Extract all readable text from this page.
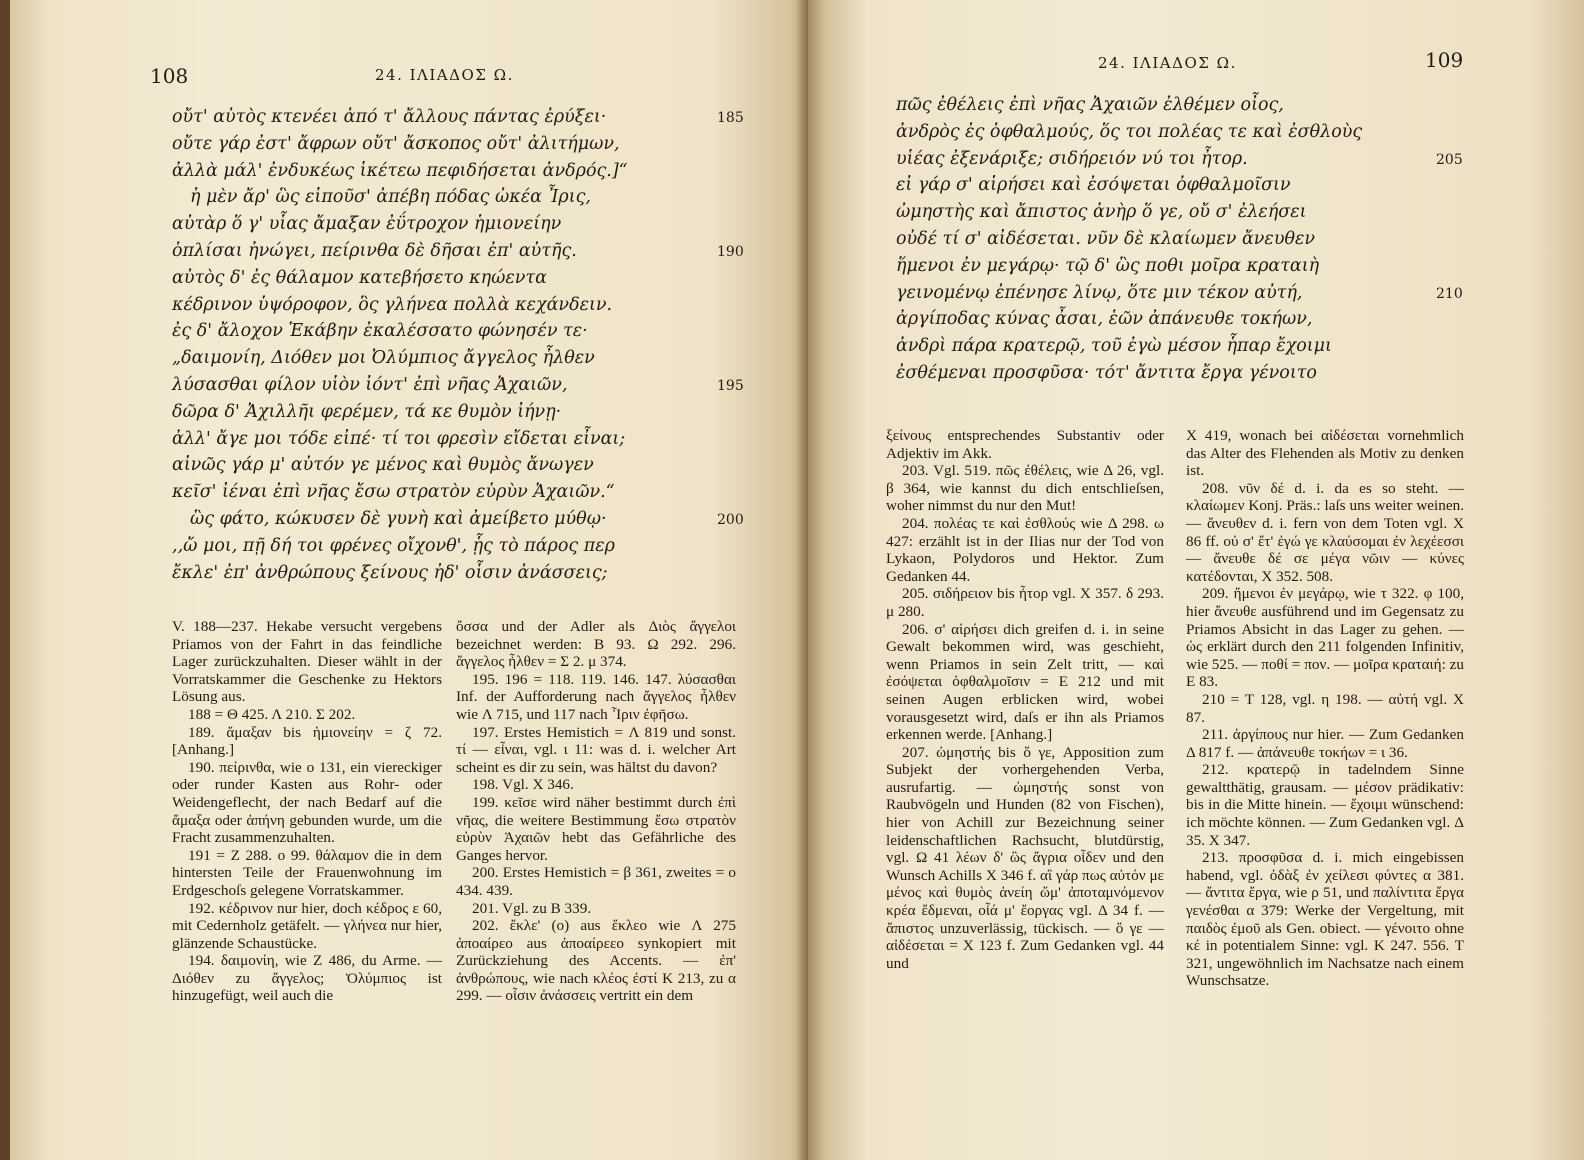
108	24. ΙΛΙΑΔΟΣ Ω.
οὔτ' αὐτὸς κτενέει ἀπό τ' ἄλλους πάντας ἐρύξει·	185
οὔτε γάρ ἐστ' ἄφρων οὔτ' ἄσκοπος οὔτ' ἀλιτήμων,
ἀλλὰ μάλ' ἐνδυκέως ἱκέτεω πεφιδήσεται ἀνδρός.]“
ἡ μὲν ἄρ' ὣς εἰποῦσ' ἀπέβη πόδας ὠκέα Ἶρις,
αὐτὰρ ὅ γ' υἷας ἄμαξαν ἐΰτροχον ἡμιονείην
ὁπλίσαι ἠνώγει, πείρινθα δὲ δῆσαι ἐπ' αὐτῆς.	190
αὐτὸς δ' ἐς θάλαμον κατεβήσετο κηώεντα
κέδρινον ὑψόροφον, ὃς γλήνεα πολλὰ κεχάνδειν.
ἐς δ' ἄλοχον Ἑκάβην ἐκαλέσσατο φώνησέν τε·
„δαιμονίη, Διόθεν μοι Ὀλύμπιος ἄγγελος ἦλθεν
λύσασθαι φίλον υἱὸν ἰόντ' ἐπὶ νῆας Ἀχαιῶν,	195
δῶρα δ' Ἀχιλλῆι φερέμεν, τά κε θυμὸν ἰήνῃ·
ἀλλ' ἄγε μοι τόδε εἰπέ· τί τοι φρεσὶν εἴδεται εἶναι;
αἰνῶς γάρ μ' αὐτόν γε μένος καὶ θυμὸς ἄνωγεν
κεῖσ' ἰέναι ἐπὶ νῆας ἔσω στρατὸν εὐρὺν Ἀχαιῶν.“
ὣς φάτο, κώκυσεν δὲ γυνὴ καὶ ἀμείβετο μύθῳ·	200
,,ὤ μοι, πῇ δή τοι φρένες οἴχονθ', ᾗς τὸ πάρος περ
ἔκλε' ἐπ' ἀνθρώπους ξείνους ἠδ' οἷσιν ἀνάσσεις;

V. 188—237. Hekabe versucht vergebens Priamos von der Fahrt in das feindliche Lager zurückzuhalten. Dieser wählt in der Vorratskammer die Geschenke zu Hektors Lösung aus.

188 = Θ 425. Λ 210. Σ 202.

189. ἄμαξαν bis ἡμιονείην = ζ 72. [Anhang.]

190. πείρινθα, wie ο 131, ein viereckiger oder runder Kasten aus Rohr- oder Weidengeflecht, der nach Bedarf auf die ἄμαξα oder ἀπήνη gebunden wurde, um die Fracht zusammenzuhalten.

191 = Ζ 288. ο 99. θάλαμον die in dem hintersten Teile der Frauenwohnung im Erdgeschoſs gelegene Vorratskammer.

192. κέδρινον nur hier, doch κέδρος ε 60, mit Cedernholz getäfelt. — γλήνεα nur hier, glänzende Schaustücke.

194. δαιμονίη, wie Ζ 486, du Arme. — Διόθεν zu ἄγγελος; Ὀλύμπιος ist hinzugefügt, weil auch die

ὄσσα und der Adler als Διὸς ἄγγελοι bezeichnet werden: Β 93. Ω 292. 296. ἄγγελος ἦλθεν = Σ 2. μ 374.

195. 196 = 118. 119. 146. 147. λύσασθαι Inf. der Aufforderung nach ἄγγελος ἦλθεν wie Λ 715, und 117 nach Ἶριν ἐφῆσω.

197. Erstes Hemistich = Λ 819 und sonst. τί — εἶναι, vgl. ι 11: was d. i. welcher Art scheint es dir zu sein, was hältst du davon?

198. Vgl. Χ 346.

199. κεῖσε wird näher bestimmt durch ἐπὶ νῆας, die weitere Bestimmung ἔσω στρατὸν εὐρὺν Ἀχαιῶν hebt das Gefährliche des Ganges hervor.

200. Erstes Hemistich = β 361, zweites = ο 434. 439.

201. Vgl. zu Β 339.

202. ἔκλε' (ο) aus ἔκλεο wie Λ 275 ἀποαίρεο aus ἀποαίρεεο synkopiert mit Zurückziehung des Accents. — ἐπ' ἀνθρώπους, wie nach κλέος ἐστί Κ 213, zu α 299. — οἷσιν ἀνάσσεις vertritt ein dem

24. ΙΛΙΑΔΟΣ Ω.	109
πῶς ἐθέλεις ἐπὶ νῆας Ἀχαιῶν ἐλθέμεν οἶος,
ἀνδρὸς ἐς ὀφθαλμούς, ὅς τοι πολέας τε καὶ ἐσθλοὺς
υἱέας ἐξενάριξε; σιδήρειόν νύ τοι ἦτορ.	205
εἰ γάρ σ' αἱρήσει καὶ ἐσόψεται ὀφθαλμοῖσιν
ὠμηστὴς καὶ ἄπιστος ἀνὴρ ὅ γε, οὔ σ' ἐλεήσει
οὐδέ τί σ' αἰδέσεται. νῦν δὲ κλαίωμεν ἄνευθεν
ἥμενοι ἐν μεγάρῳ· τῷ δ' ὣς ποθι μοῖρα κραταιὴ
γεινομένῳ ἐπένησε λίνῳ, ὅτε μιν τέκον αὐτή,	210
ἀργίποδας κύνας ἆσαι, ἑῶν ἀπάνευθε τοκήων,
ἀνδρὶ πάρα κρατερῷ, τοῦ ἐγὼ μέσον ἧπαρ ἔχοιμι
ἐσθέμεναι προσφῦσα· τότ' ἄντιτα ἔργα γένοιτο

ξείνους entsprechendes Substantiv oder Adjektiv im Akk.

203. Vgl. 519. πῶς ἐθέλεις, wie Δ 26, vgl. β 364, wie kannst du dich entschlieſsen, woher nimmst du nur den Mut!

204. πολέας τε καὶ ἐσθλούς wie Δ 298. ω 427: erzählt ist in der Ilias nur der Tod von Lykaon, Polydoros und Hektor. Zum Gedanken 44.

205. σιδήρειον bis ἦτορ vgl. Χ 357. δ 293. μ 280.

206. σ' αἱρήσει dich greifen d. i. in seine Gewalt bekommen wird, was geschieht, wenn Priamos in sein Zelt tritt, — καὶ ἐσόψεται ὀφθαλμοῖσιν = Ε 212 und mit seinen Augen erblicken wird, wobei vorausgesetzt wird, daſs er ihn als Priamos erkennen werde. [Anhang.]

207. ὠμηστής bis ὅ γε, Apposition zum Subjekt der vorhergehenden Verba, ausrufartig. — ὠμηστής sonst von Raubvögeln und Hunden (82 von Fischen), hier von Achill zur Bezeichnung seiner leidenschaftlichen Rachsucht, blutdürstig, vgl. Ω 41 λέων δ' ὣς ἄγρια οἶδεν und den Wunsch Achills Χ 346 f. αἲ γάρ πως αὐτόν με μένος καὶ θυμὸς ἀνείη ὤμ' ἀποταμνόμενον κρέα ἔδμεναι, οἷά μ' ἔοργας vgl. Δ 34 f. — ἄπιστος unzuverlässig, tückisch. — ὅ γε — αἰδέσεται = Χ 123 f. Zum Gedanken vgl. 44 und

Χ 419, wonach bei αἰδέσεται vornehmlich das Alter des Flehenden als Motiv zu denken ist.

208. νῦν δέ d. i. da es so steht. — κλαίωμεν Konj. Präs.: laſs uns weiter weinen. — ἄνευθεν d. i. fern von dem Toten vgl. Χ 86 ff. οὐ σ' ἔτ' ἐγώ γε κλαύσομαι ἐν λεχέεσσι — ἄνευθε δέ σε μέγα νῶιν — κύνες κατέδονται, Χ 352. 508.

209. ἥμενοι ἐν μεγάρῳ, wie τ 322. φ 100, hier ἄνευθε ausführend und im Gegensatz zu Priamos Absicht in das Lager zu gehen. — ὡς erklärt durch den 211 folgenden Infinitiv, wie 525. — ποθί = πον. — μοῖρα κραταιή: zu Ε 83.

210 = Τ 128, vgl. η 198. — αὐτή vgl. Χ 87.

211. ἀργίπους nur hier. — Zum Gedanken Δ 817 f. — ἀπάνευθε τοκήων = ι 36.

212. κρατερῷ in tadelndem Sinne gewaltthätig, grausam. — μέσον prädikativ: bis in die Mitte hinein. — ἔχοιμι wünschend: ich möchte können. — Zum Gedanken vgl. Δ 35. Χ 347.

213. προσφῦσα d. i. mich eingebissen habend, vgl. ὀδὰξ ἐν χείλεσι φύντες α 381. — ἄντιτα ἔργα, wie ρ 51, und παλίντιτα ἔργα γενέσθαι α 379: Werke der Vergeltung, mit παιδὸς ἐμοῦ als Gen. obiect. — γένοιτο ohne κέ in potentialem Sinne: vgl. Κ 247. 556. Τ 321, ungewöhnlich im Nachsatze nach einem Wunschsatze.
